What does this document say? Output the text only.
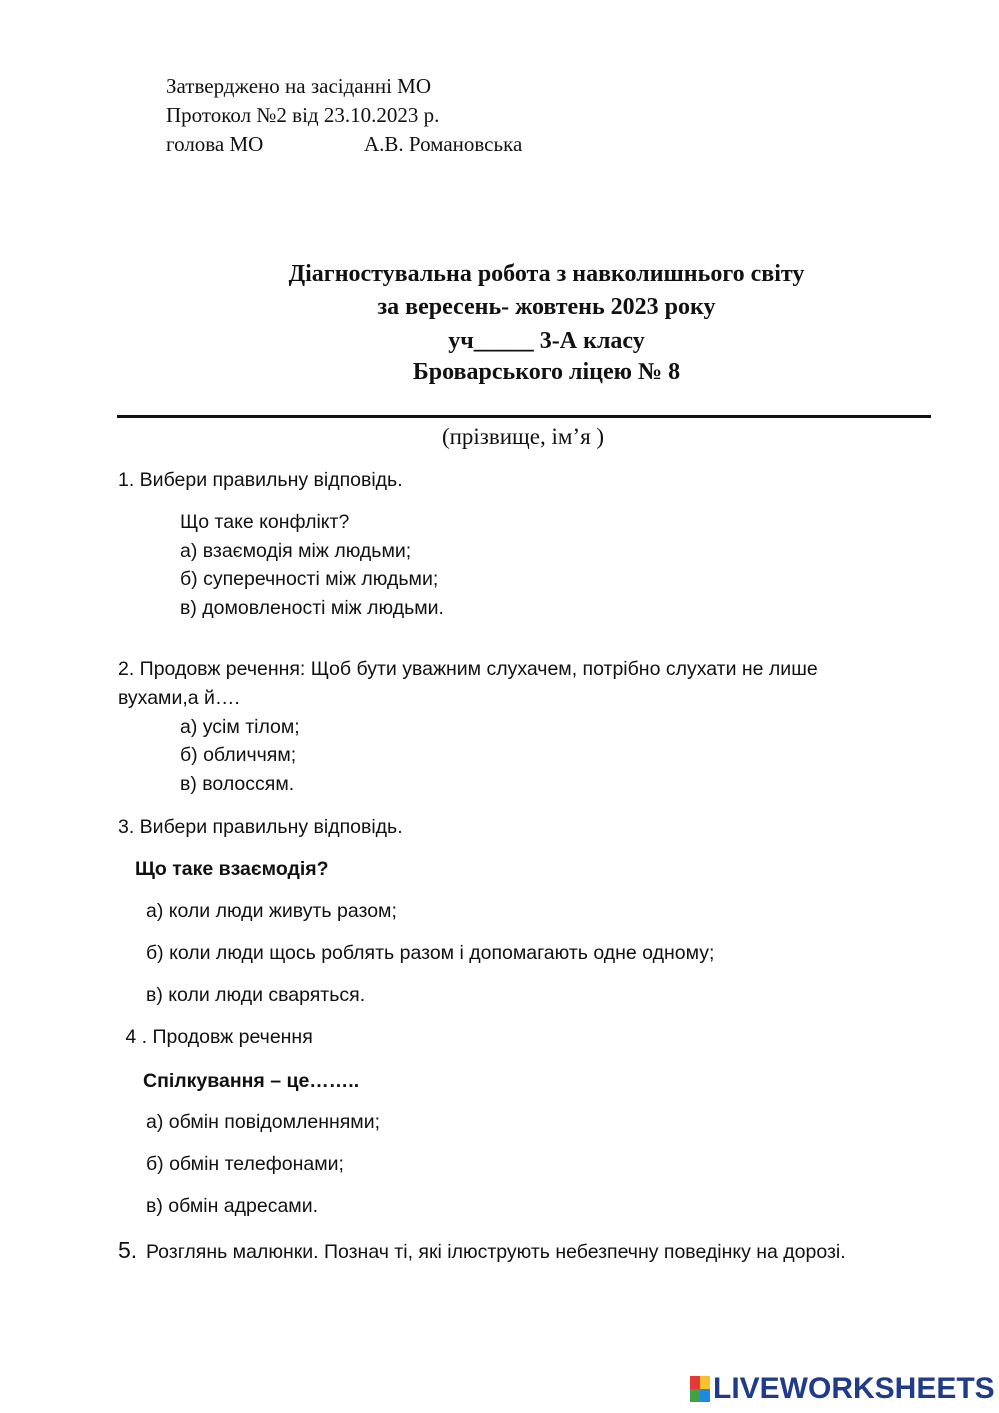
Затверджено на засіданні МО
Протокол №2 від 23.10.2023 р.
голова МО	А.В. Романовська
Діагностувальна робота з навколишнього світу
за вересень- жовтень 2023 року
уч_____ 3-А класу
Броварського ліцею № 8
(прізвище, ім’я )
1. Вибери правильну відповідь.
Що таке конфлікт?
а) взаємодія між людьми;
б) суперечності між людьми;
в) домовленості між людьми.
2. Продовж речення: Щоб бути уважним слухачем, потрібно слухати не лише
вухами,а й….
а) усім тілом;
б) обличчям;
в) волоссям.
3. Вибери правильну відповідь.
Що таке взаємодія?
а) коли люди живуть разом;
б) коли люди щось роблять разом і допомагають одне одному;
в) коли люди сваряться.
4 . Продовж речення
Спілкування – це……..
а) обмін повідомленнями;
б) обмін телефонами;
в) обмін адресами.
5. Розглянь малюнки. Познач ті, які ілюструють небезпечну поведінку на дорозі.
LIVEWORKSHEETS
